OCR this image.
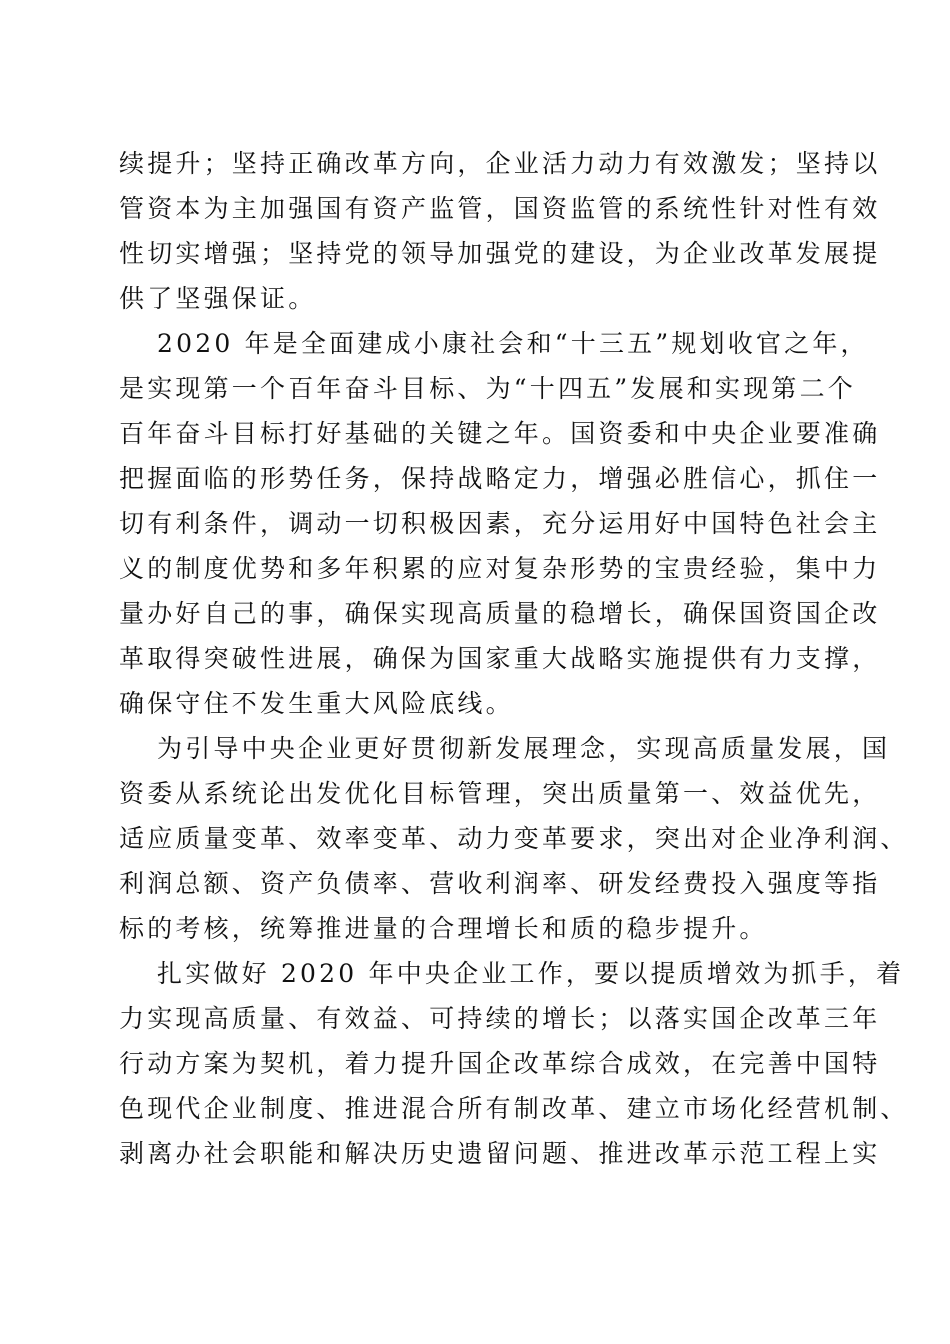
续提升；坚持正确改革方向，企业活力动力有效激发；坚持以
管资本为主加强国有资产监管，国资监管的系统性针对性有效
性切实增强；坚持党的领导加强党的建设，为企业改革发展提
供了坚强保证。
2020 年是全面建成小康社会和“十三五”规划收官之年，
是实现第一个百年奋斗目标、为“十四五”发展和实现第二个
百年奋斗目标打好基础的关键之年。国资委和中央企业要准确
把握面临的形势任务，保持战略定力，增强必胜信心，抓住一
切有利条件，调动一切积极因素，充分运用好中国特色社会主
义的制度优势和多年积累的应对复杂形势的宝贵经验，集中力
量办好自己的事，确保实现高质量的稳增长，确保国资国企改
革取得突破性进展，确保为国家重大战略实施提供有力支撑，
确保守住不发生重大风险底线。
为引导中央企业更好贯彻新发展理念，实现高质量发展，国
资委从系统论出发优化目标管理，突出质量第一、效益优先，
适应质量变革、效率变革、动力变革要求，突出对企业净利润、
利润总额、资产负债率、营收利润率、研发经费投入强度等指
标的考核，统筹推进量的合理增长和质的稳步提升。
扎实做好 2020 年中央企业工作，要以提质增效为抓手，着
力实现高质量、有效益、可持续的增长；以落实国企改革三年
行动方案为契机，着力提升国企改革综合成效，在完善中国特
色现代企业制度、推进混合所有制改革、建立市场化经营机制、
剥离办社会职能和解决历史遗留问题、推进改革示范工程上实
